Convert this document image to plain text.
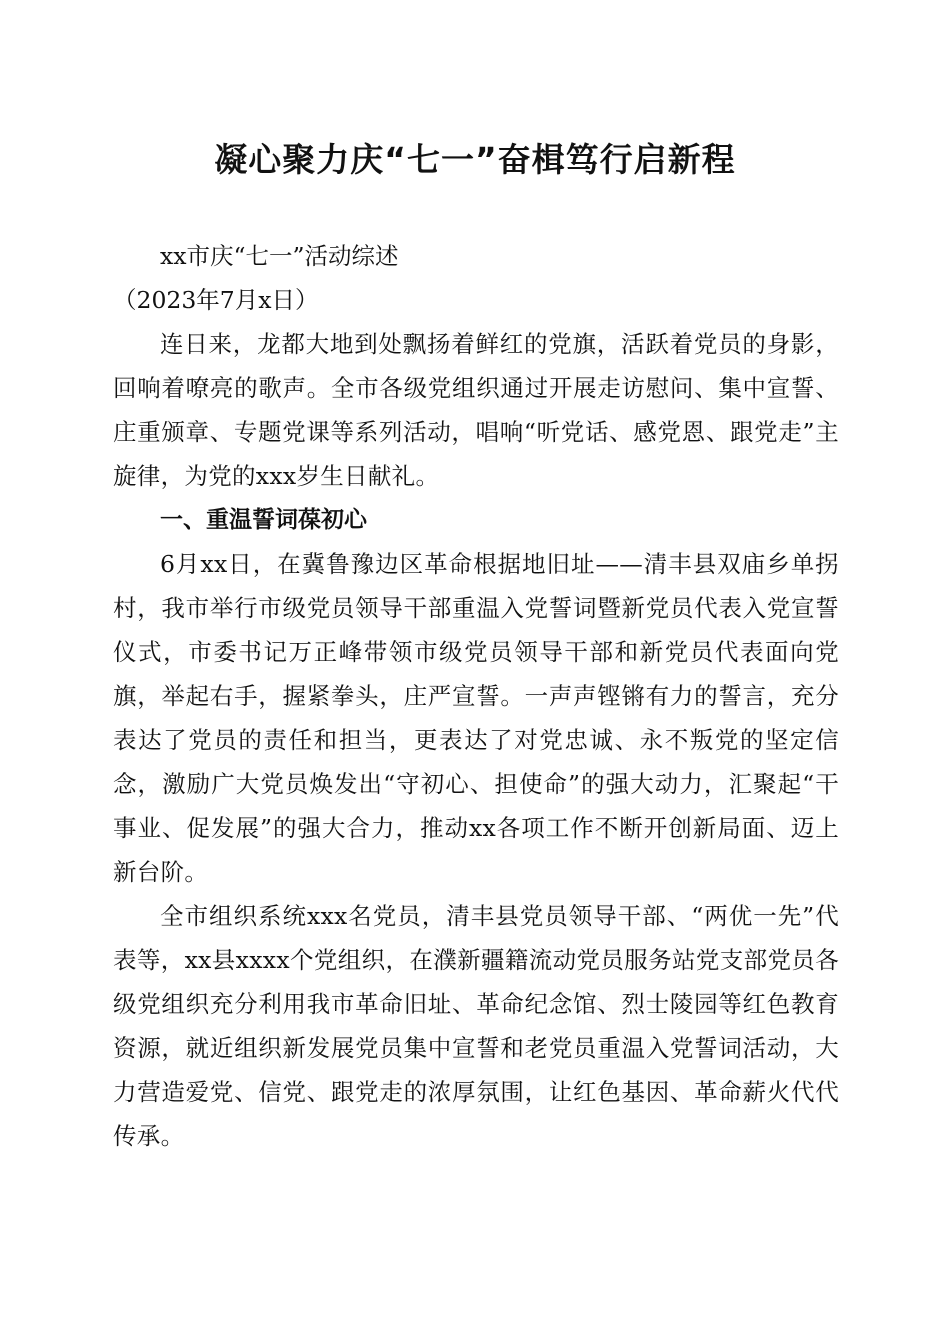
凝心聚力庆“七一”奋楫笃行启新程

xx市庆“七一”活动综述

（2023年7月x日）

连日来，龙都大地到处飘扬着鲜红的党旗，活跃着党员的身影，回响着嘹亮的歌声。全市各级党组织通过开展走访慰问、集中宣誓、庄重颁章、专题党课等系列活动，唱响“听党话、感党恩、跟党走”主旋律，为党的xxx岁生日献礼。

一、重温誓词葆初心

6月xx日，在冀鲁豫边区革命根据地旧址——清丰县双庙乡单拐村，我市举行市级党员领导干部重温入党誓词暨新党员代表入党宣誓仪式，市委书记万正峰带领市级党员领导干部和新党员代表面向党旗，举起右手，握紧拳头，庄严宣誓。一声声铿锵有力的誓言，充分表达了党员的责任和担当，更表达了对党忠诚、永不叛党的坚定信念，激励广大党员焕发出“守初心、担使命”的强大动力，汇聚起“干事业、促发展”的强大合力，推动xx各项工作不断开创新局面、迈上新台阶。

全市组织系统xxx名党员，清丰县党员领导干部、“两优一先”代表等，xx县xxxx个党组织，在濮新疆籍流动党员服务站党支部党员各级党组织充分利用我市革命旧址、革命纪念馆、烈士陵园等红色教育资源，就近组织新发展党员集中宣誓和老党员重温入党誓词活动，大力营造爱党、信党、跟党走的浓厚氛围，让红色基因、革命薪火代代传承。
